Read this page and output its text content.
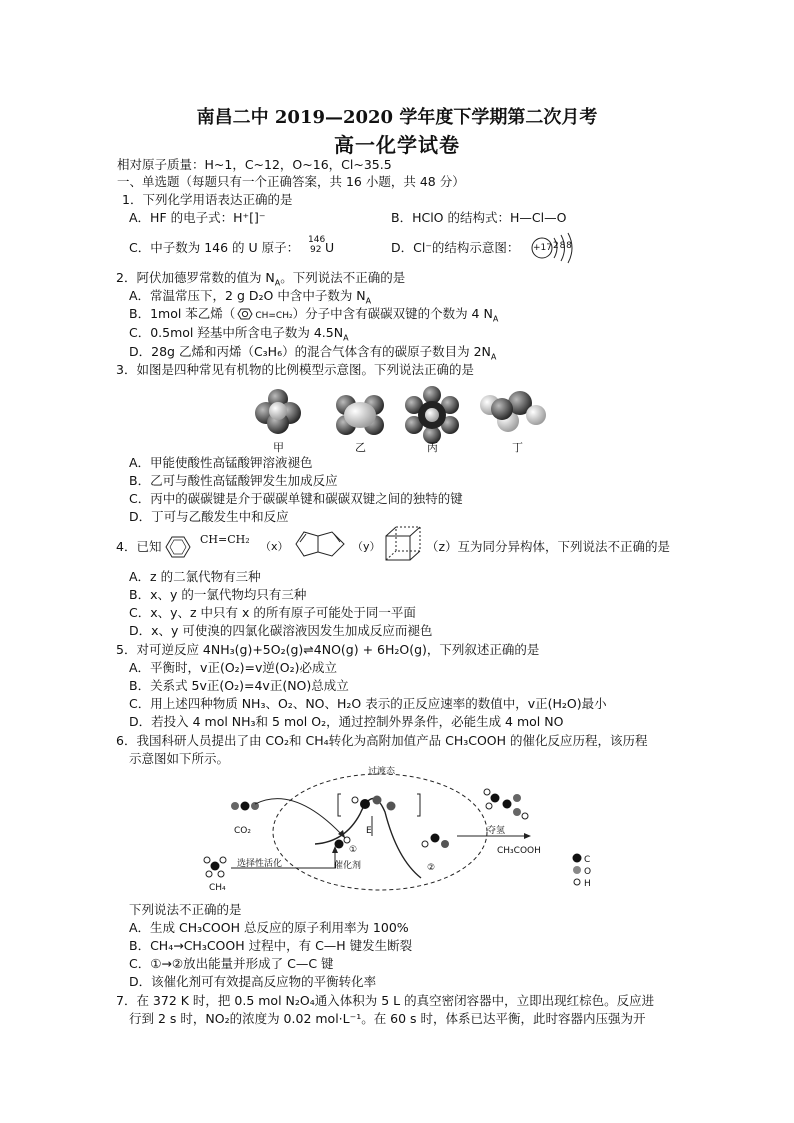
南昌二中 2019—2020 学年度下学期第二次月考
高一化学试卷
相对原子质量：H~1，C~12，O~16，Cl~35.5
一、单选题（每题只有一个正确答案，共 16 小题，共 48 分）
1．下列化学用语表达正确的是
A．HF 的电子式：H⁺[]⁻	B．HClO 的结构式：H—Cl—O
C．中子数为 146 的 U 原子： 146
92 U	D．Cl⁻的结构示意图： +17 2 8 8
2．阿伏加德罗常数的值为 $N_A$。下列说法不正确的是
A．常温常压下，2 g D₂O 中含中子数为 $N_A$
B．1mol 苯乙烯（ CH=CH₂）分子中含有碳碳双键的个数为 4 $N_A$
C．0.5mol 羟基中所含电子数为 $4.5N_A$
D．28g 乙烯和丙烯（C₃H₆）的混合气体含有的碳原子数目为 $2N_A$
3．如图是四种常见有机物的比例模型示意图。下列说法正确的是
甲	乙	丙	丁
A．甲能使酸性高锰酸钾溶液褪色
B．乙可与酸性高锰酸钾发生加成反应
C．丙中的碳碳键是介于碳碳单键和碳碳双键之间的独特的键
D．丁可与乙酸发生中和反应
4．已知	CH=CH₂
（x）	（y）	（z）互为同分异构体，下列说法不正确的是
A．z 的二氯代物有三种
B．x、y 的一氯代物均只有三种
C．x、y、z 中只有 x 的所有原子可能处于同一平面
D．x、y 可使溴的四氯化碳溶液因发生加成反应而褪色
5．对可逆反应 4NH₃(g)+5O₂(g)⇌4NO(g) + 6H₂O(g)，下列叙述正确的是
A．平衡时，v正(O₂)=v逆(O₂)必成立
B．关系式 5v正(O₂)=4v正(NO)总成立
C．用上述四种物质 NH₃、O₂、NO、H₂O 表示的正反应速率的数值中，v正(H₂O)最小
D．若投入 4 mol NH₃和 5 mol O₂，通过控制外界条件，必能生成 4 mol NO
6．我国科研人员提出了由 CO₂和 CH₄转化为高附加值产品 CH₃COOH 的催化反应历程，该历程
示意图如下所示。
过渡态
CO₂
CH₄
选择性活化	催化剂
①
②
E	夺氢
CH₃COOH
C
O
H
下列说法不正确的是
A．生成 CH₃COOH 总反应的原子利用率为 100%
B．CH₄→CH₃COOH 过程中，有 C—H 键发生断裂
C．①→②放出能量并形成了 C—C 键
D．该催化剂可有效提高反应物的平衡转化率
7．在 372 K 时，把 0.5 mol N₂O₄通入体积为 5 L 的真空密闭容器中，立即出现红棕色。反应进
行到 2 s 时，NO₂的浓度为 0.02 mol·L⁻¹。在 60 s 时，体系已达平衡，此时容器内压强为开
